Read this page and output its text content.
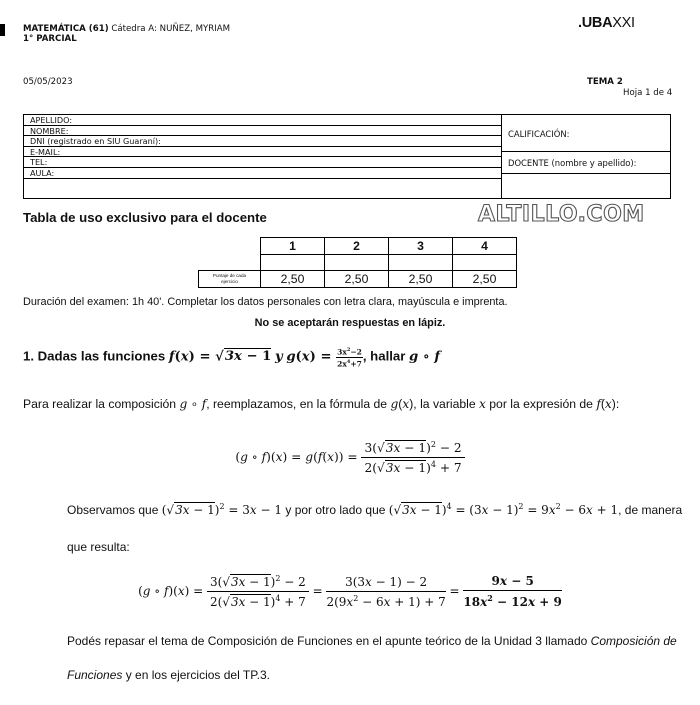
MATEMÁTICA (61) Cátedra A: NUÑEZ, MYRIAM
1° PARCIAL
.UBAXXI
05/05/2023	TEMA 2
Hoja 1 de 4
APELLIDO:
NOMBRE:
DNI (registrado en SIU Guaraní):
E-MAIL:
TEL:
AULA:
CALIFICACIÓN:
DOCENTE (nombre y apellido):
Tabla de uso exclusivo para el docente	ALTILLO.COM
	1	2	3	4

Puntaje de cada
ejercicio	2,50	2,50	2,50	2,50
Duración del examen: 1h 40'. Completar los datos personales con letra clara, mayúscula e imprenta.
No se aceptarán respuestas en lápiz.
1. Dadas las funciones f(x) = √3x − 1 y $g(x) = \frac{3x^2-2}{2x^4+7}$ , hallar g ∘ f
Para realizar la composición g ∘ f, reemplazamos, en la fórmula de g(x), la variable x por la expresión de f(x):
(g ∘ $f)(x) = g(f(x)) = \frac{3(√3x - 1)^2 - 2}{2(√3x - 1)^4 + 7}$
Observamos que $(√3x - 1)^2 = 3x - 1$ y por otro lado que $(√3x - 1)^4 = (3x - 1)^2 = 9x^2 - 6x + 1$, de manera
que resulta:
(g ∘ $f)(x) = \frac{3(√3x - 1)^2 - 2}{2(√3x - 1)^4 + 7} = \frac{3(3x - 1) - 2}{2(9x^2 - 6x + 1) + 7} = \frac{9x - 5}{18x^2 - 12x + 9}$
Podés repasar el tema de Composición de Funciones en el apunte teórico de la Unidad 3 llamado Composición de
Funciones y en los ejercicios del TP.3.
